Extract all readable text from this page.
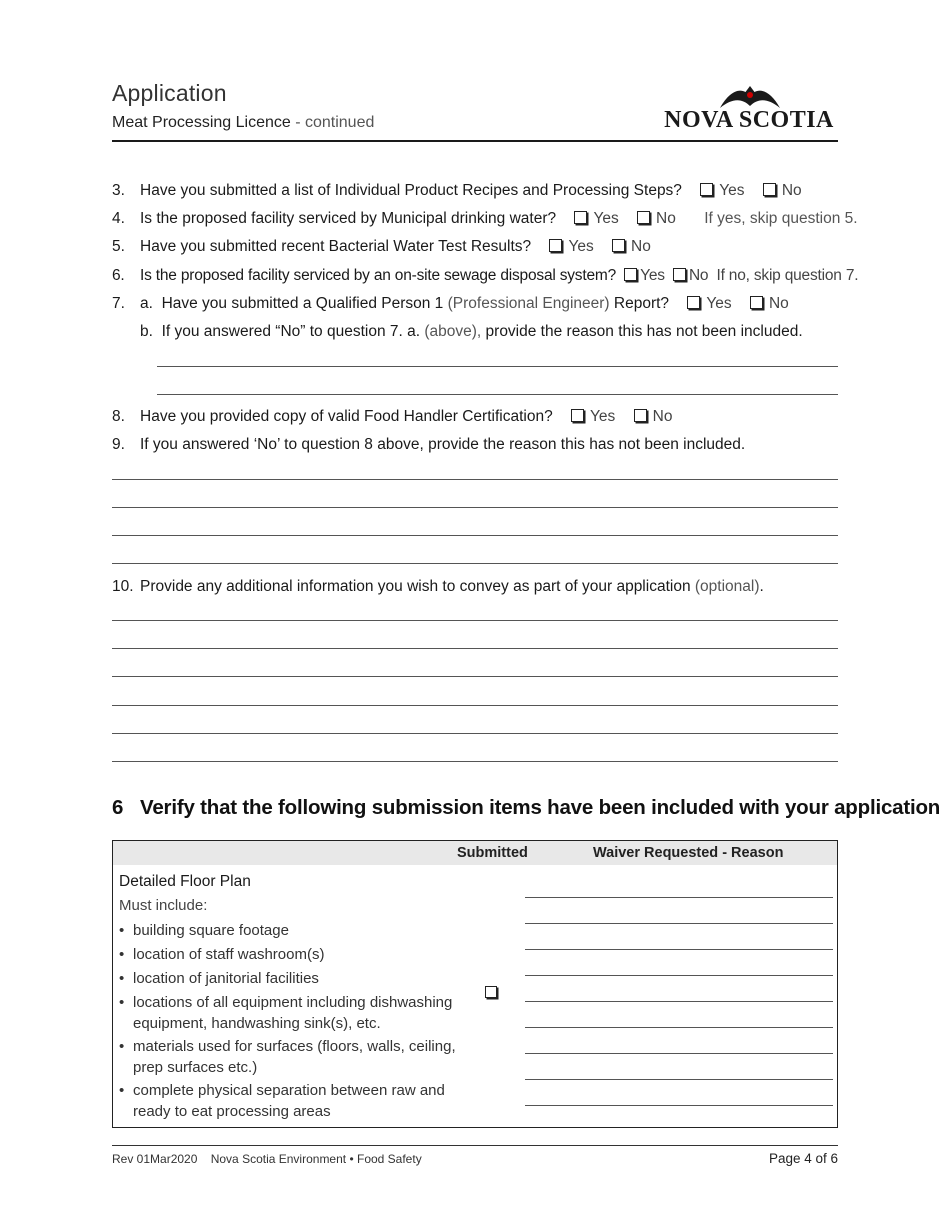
Application
Meat Processing Licence - continued	NOVA SCOTIA
3. Have you submitted a list of Individual Product Recipes and Processing Steps? Yes No
4. Is the proposed facility serviced by Municipal drinking water? Yes No If yes, skip question 5.
5. Have you submitted recent Bacterial Water Test Results? Yes No
6. Is the proposed facility serviced by an on-site sewage disposal system? Yes No If no, skip question 7.
7. a. Have you submitted a Qualified Person 1 (Professional Engineer) Report? Yes No
b. If you answered “No” to question 7. a. (above), provide the reason this has not been included.
8. Have you provided copy of valid Food Handler Certification? Yes No
9. If you answered ‘No’ to question 8 above, provide the reason this has not been included.
10. Provide any additional information you wish to convey as part of your application (optional).
6 Verify that the following submission items have been included with your application
Submitted	Waiver Requested - Reason
Detailed Floor Plan
Must include:
• building square footage
• location of staff washroom(s)
• location of janitorial facilities
• locations of all equipment including dishwashing equipment, handwashing sink(s), etc.
• materials used for surfaces (floors, walls, ceiling, prep surfaces etc.)
• complete physical separation between raw and ready to eat processing areas
Rev 01Mar2020    Nova Scotia Environment • Food Safety	Page 4 of 6
